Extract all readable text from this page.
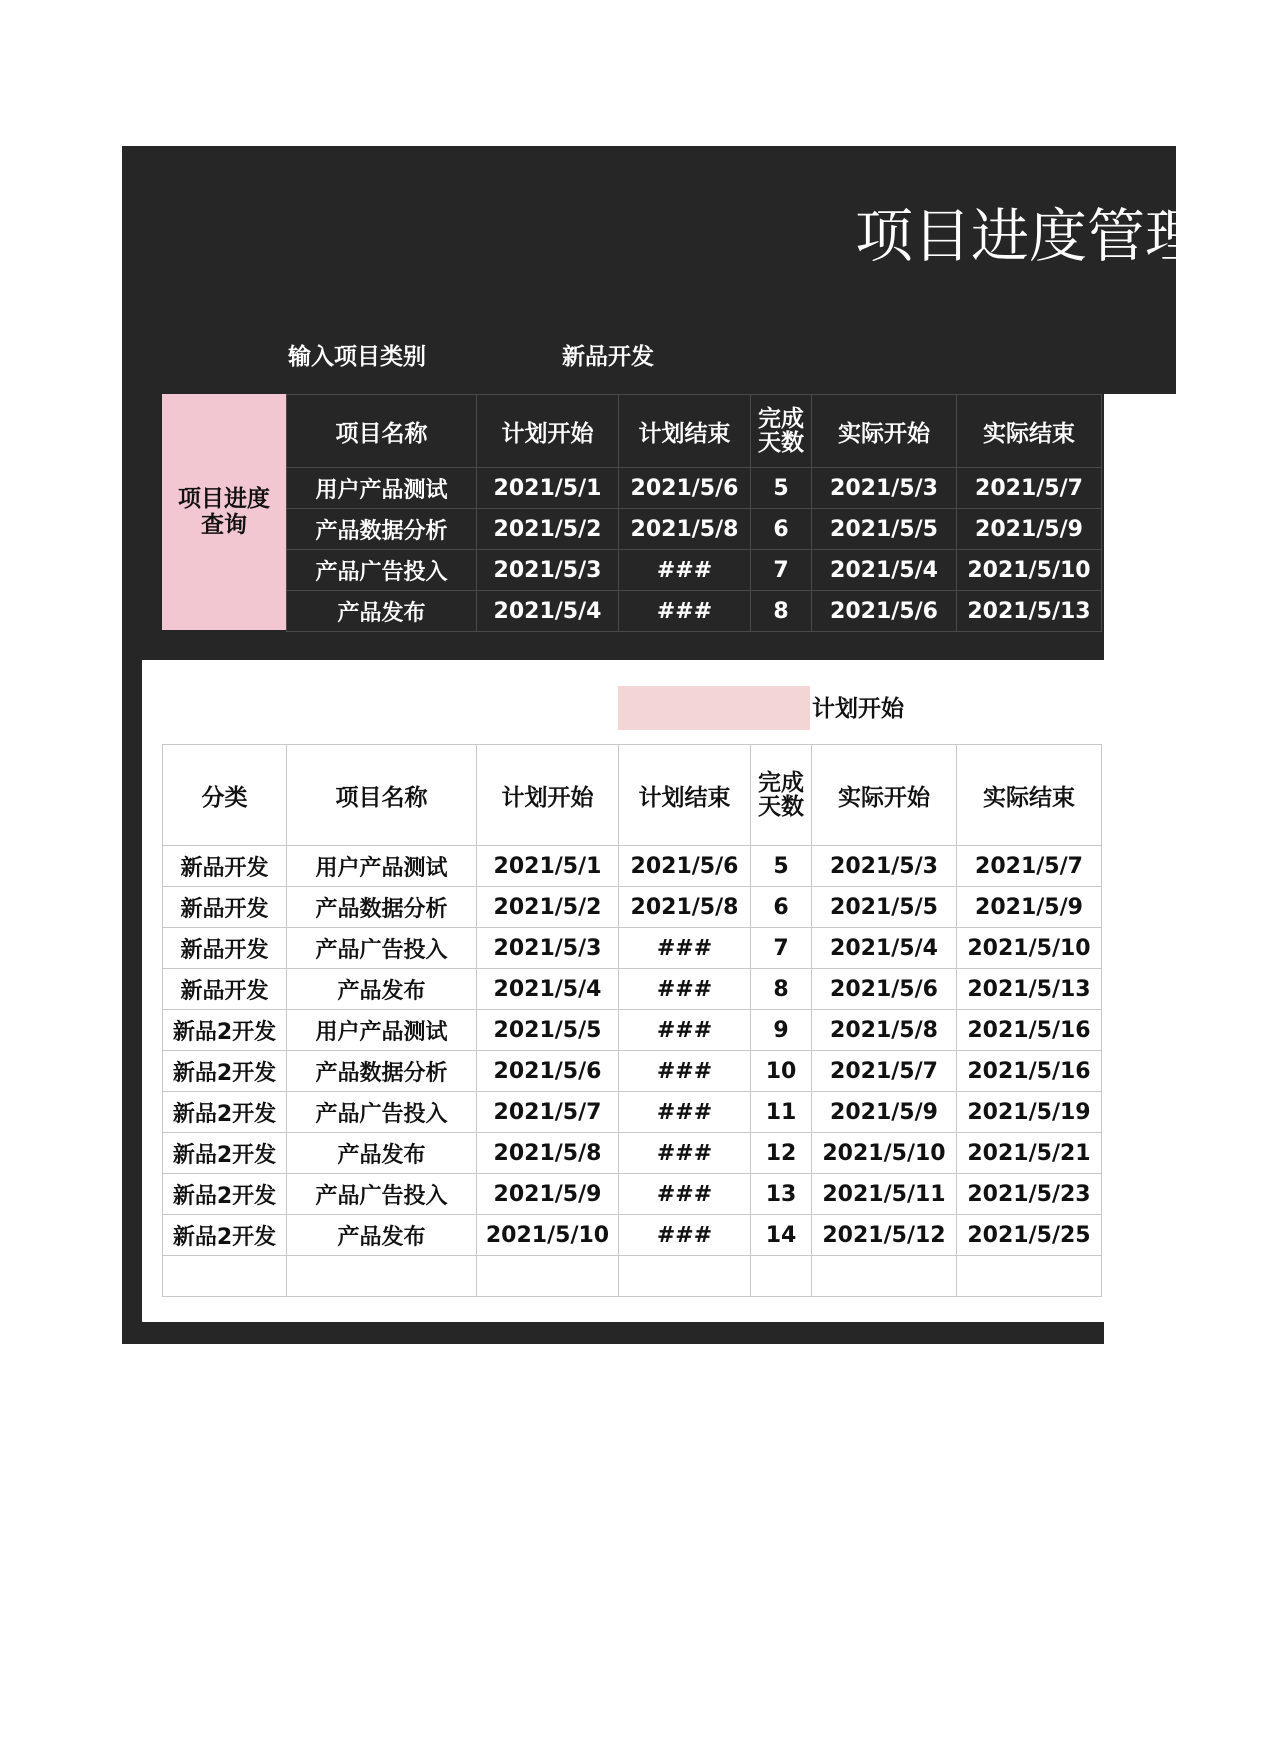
项目进度管理表
输入项目类别	新品开发
项目进度查询
项目名称	计划开始	计划结束	完成天数	实际开始	实际结束
用户产品测试	2021/5/1	2021/5/6	5	2021/5/3	2021/5/7
产品数据分析	2021/5/2	2021/5/8	6	2021/5/5	2021/5/9
产品广告投入	2021/5/3	###	7	2021/5/4	2021/5/10
产品发布	2021/5/4	###	8	2021/5/6	2021/5/13
计划开始
分类	项目名称	计划开始	计划结束	完成天数	实际开始	实际结束
新品开发	用户产品测试	2021/5/1	2021/5/6	5	2021/5/3	2021/5/7
新品开发	产品数据分析	2021/5/2	2021/5/8	6	2021/5/5	2021/5/9
新品开发	产品广告投入	2021/5/3	###	7	2021/5/4	2021/5/10
新品开发	产品发布	2021/5/4	###	8	2021/5/6	2021/5/13
新品2开发	用户产品测试	2021/5/5	###	9	2021/5/8	2021/5/16
新品2开发	产品数据分析	2021/5/6	###	10	2021/5/7	2021/5/16
新品2开发	产品广告投入	2021/5/7	###	11	2021/5/9	2021/5/19
新品2开发	产品发布	2021/5/8	###	12	2021/5/10	2021/5/21
新品2开发	产品广告投入	2021/5/9	###	13	2021/5/11	2021/5/23
新品2开发	产品发布	2021/5/10	###	14	2021/5/12	2021/5/25
